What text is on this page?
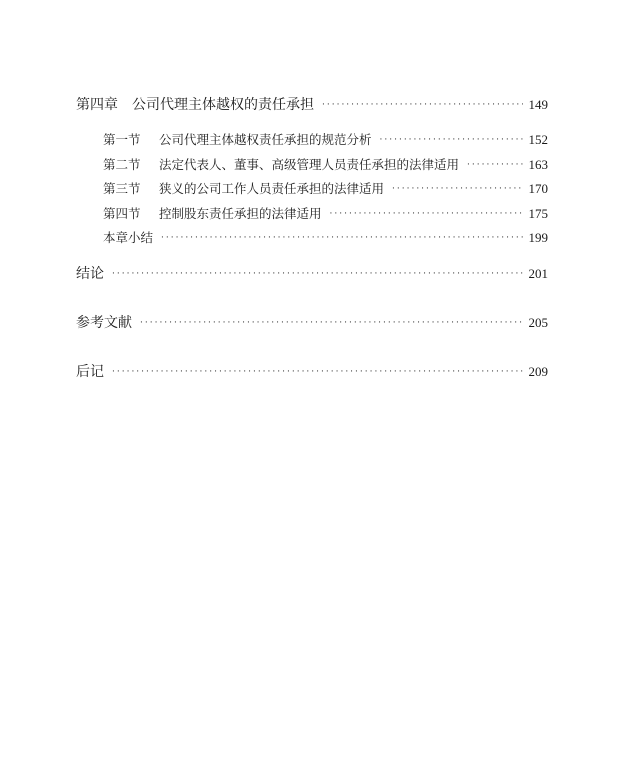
第四章 公司代理主体越权的责任承担 ·····	149
第一节 公司代理主体越权责任承担的规范分析 ·····	152
第二节 法定代表人、董事、高级管理人员责任承担的法律适用 ·····	163
第三节 狭义的公司工作人员责任承担的法律适用 ·····	170
第四节 控制股东责任承担的法律适用 ·····	175
本章小结 ·····	199
结论 ·····	201
参考文献 ·····	205
后记 ·····	209
